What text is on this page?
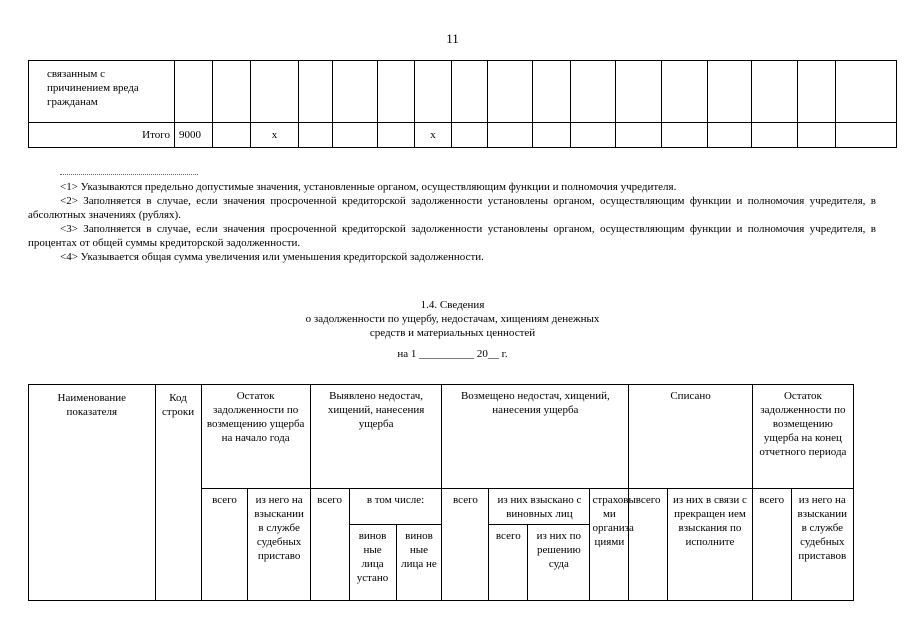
11
связанным с причинением вреда гражданам																	
Итого	9000		х				х										

<1> Указываются предельно допустимые значения, установленные органом, осуществляющим функции и полномочия учредителя.

<2> Заполняется в случае, если значения просроченной кредиторской задолженности установлены органом, осуществляющим функции и полномочия учредителя, в абсолютных значениях (рублях).

<3> Заполняется в случае, если значения просроченной кредиторской задолженности установлены органом, осуществляющим функции и полномочия учредителя, в процентах от общей суммы кредиторской задолженности.

<4> Указывается общая сумма увеличения или уменьшения кредиторской задолженности.

1.4. Сведения
о задолженности по ущербу, недостачам, хищениям денежных
средств и материальных ценностей
на 1 __________ 20__ г.
Наименование показателя	Код строки	Остаток задолженности по возмещению ущерба на начало года		Выявлено недостач, хищений, нанесения ущерба			Возмещено недостач, хищений, нанесения ущерба				Списано		Остаток задолженности по возмещению ущерба на конец отчетного периода	
		всего	из него на взыскании в службе судебных приставо	всего	в том числе:		всего	из них взыскано с виновных лиц		страховы ми организа циями	всего	из них в связи с прекращен ием взыскания по исполните	всего	из него на взыскании в службе судебных приставов
					винов ные лица устано	винов ные лица не		всего	из них по решению суда					
